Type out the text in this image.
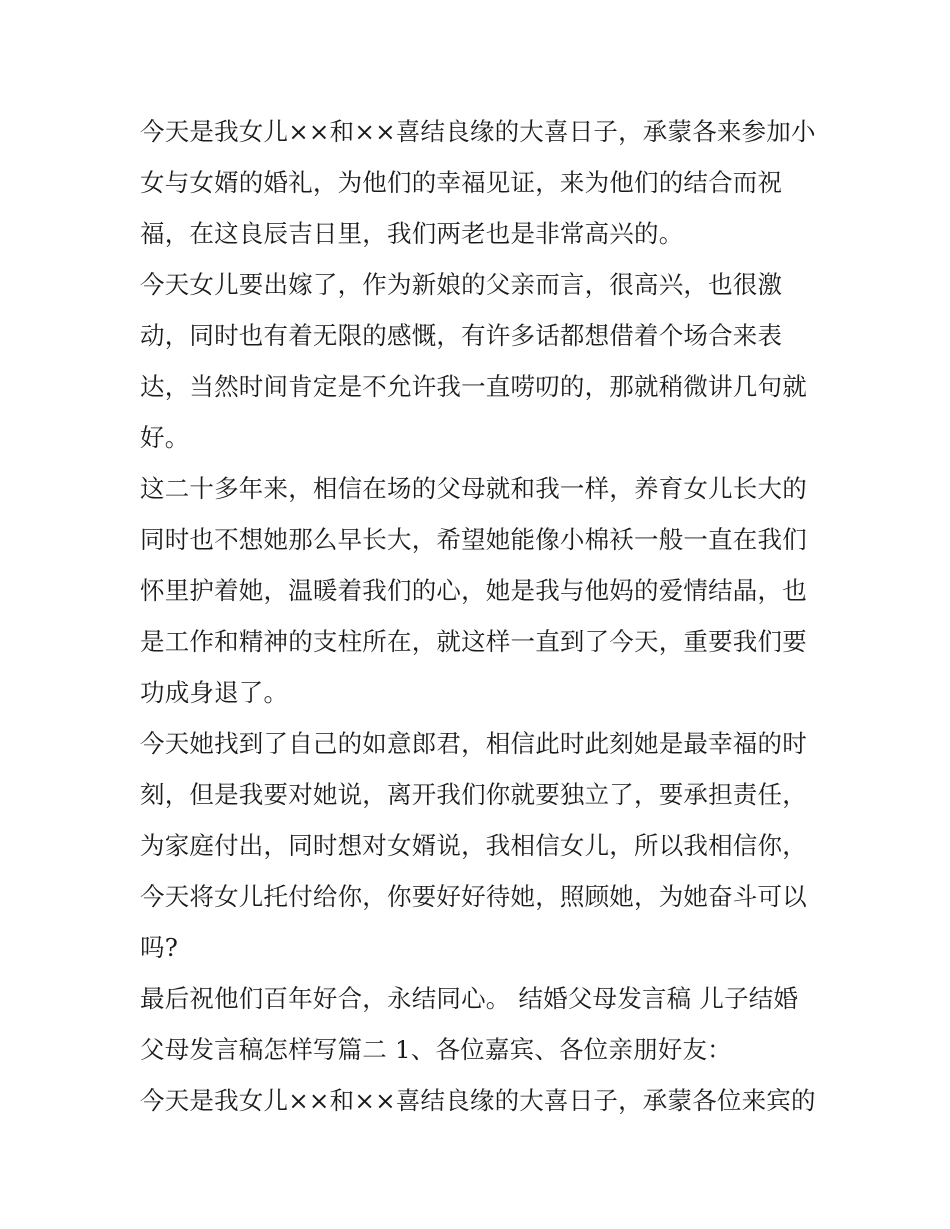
今天是我女儿××和××喜结良缘的大喜日子，承蒙各来参加小女与女婿的婚礼，为他们的幸福见证，来为他们的结合而祝福，在这良辰吉日里，我们两老也是非常高兴的。

今天女儿要出嫁了，作为新娘的父亲而言，很高兴，也很激动，同时也有着无限的感慨，有许多话都想借着个场合来表达，当然时间肯定是不允许我一直唠叨的，那就稍微讲几句就好。

这二十多年来，相信在场的父母就和我一样，养育女儿长大的同时也不想她那么早长大，希望她能像小棉袄一般一直在我们怀里护着她，温暖着我们的心，她是我与他妈的爱情结晶，也是工作和精神的支柱所在，就这样一直到了今天，重要我们要功成身退了。

今天她找到了自己的如意郎君，相信此时此刻她是最幸福的时刻，但是我要对她说，离开我们你就要独立了，要承担责任，为家庭付出，同时想对女婿说，我相信女儿，所以我相信你，今天将女儿托付给你，你要好好待她，照顾她，为她奋斗可以吗?

最后祝他们百年好合，永结同心。 结婚父母发言稿 儿子结婚父母发言稿怎样写篇二 1、各位嘉宾、各位亲朋好友：

今天是我女儿××和××喜结良缘的大喜日子，承蒙各位来宾的
